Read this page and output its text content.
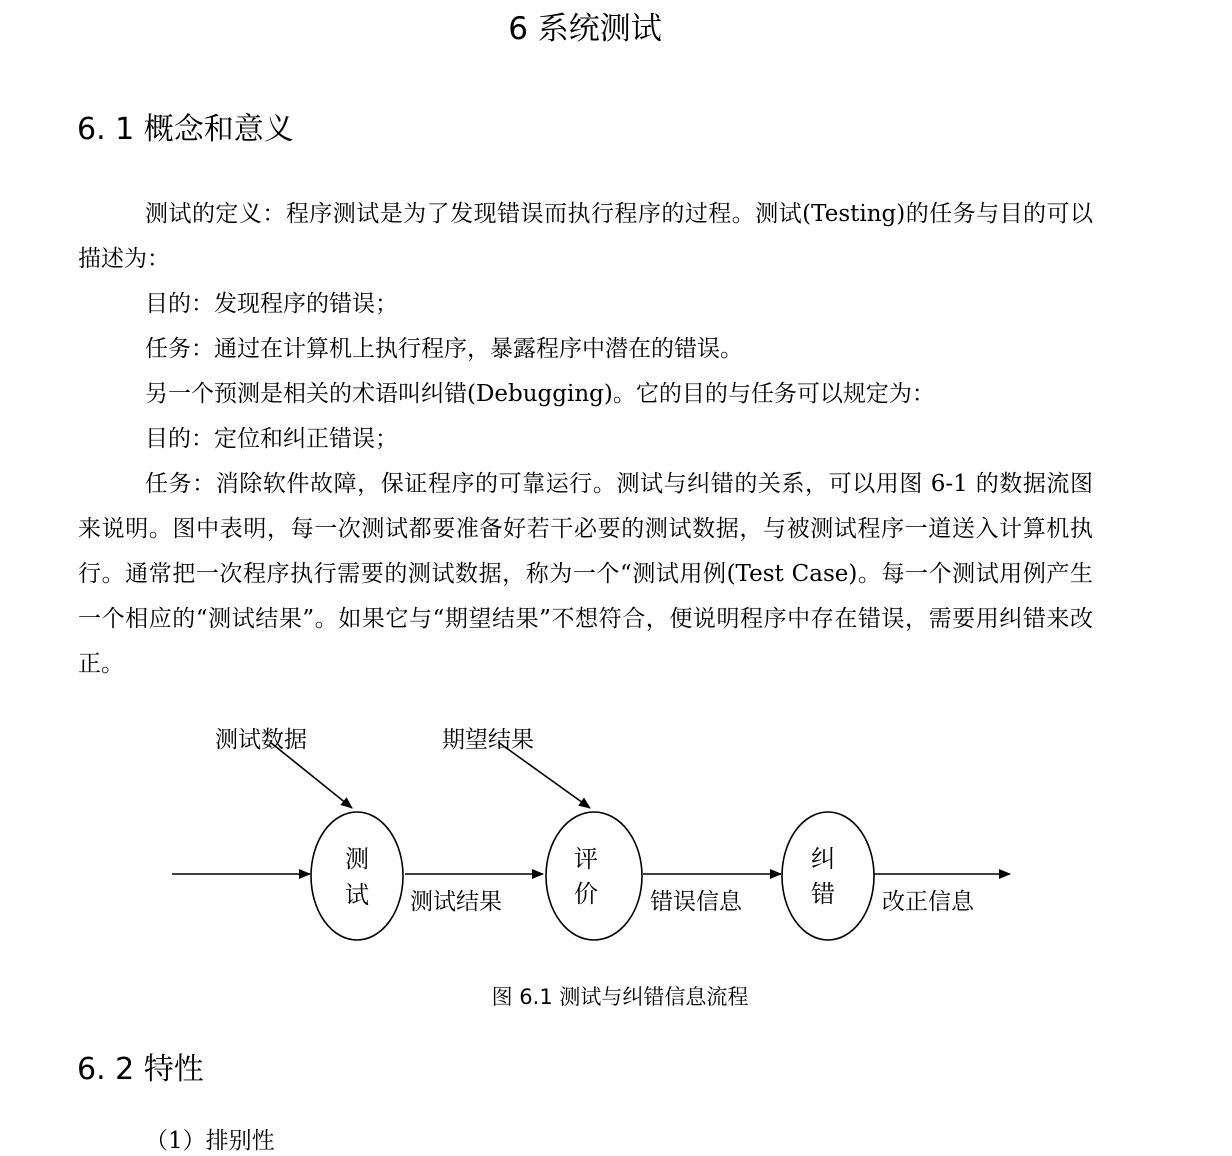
6 系统测试
6. 1 概念和意义

测试的定义：程序测试是为了发现错误而执行程序的过程。测试(Testing)的任务与目的可以描述为：

目的：发现程序的错误；

任务：通过在计算机上执行程序，暴露程序中潜在的错误。

另一个预测是相关的术语叫纠错(Debugging)。它的目的与任务可以规定为：

目的：定位和纠正错误；

任务：消除软件故障，保证程序的可靠运行。测试与纠错的关系，可以用图 6-1 的数据流图来说明。图中表明，每一次测试都要准备好若干必要的测试数据，与被测试程序一道送入计算机执行。通常把一次程序执行需要的测试数据，称为一个“测试用例(Test Case)。每一个测试用例产生一个相应的“测试结果”。如果它与“期望结果”不想符合，便说明程序中存在错误，需要用纠错来改正。

测试数据	期望结果
测
试
评
价
纠
错
测试结果	错误信息	改正信息

图 6.1 测试与纠错信息流程

6. 2 特性

（1）排别性
